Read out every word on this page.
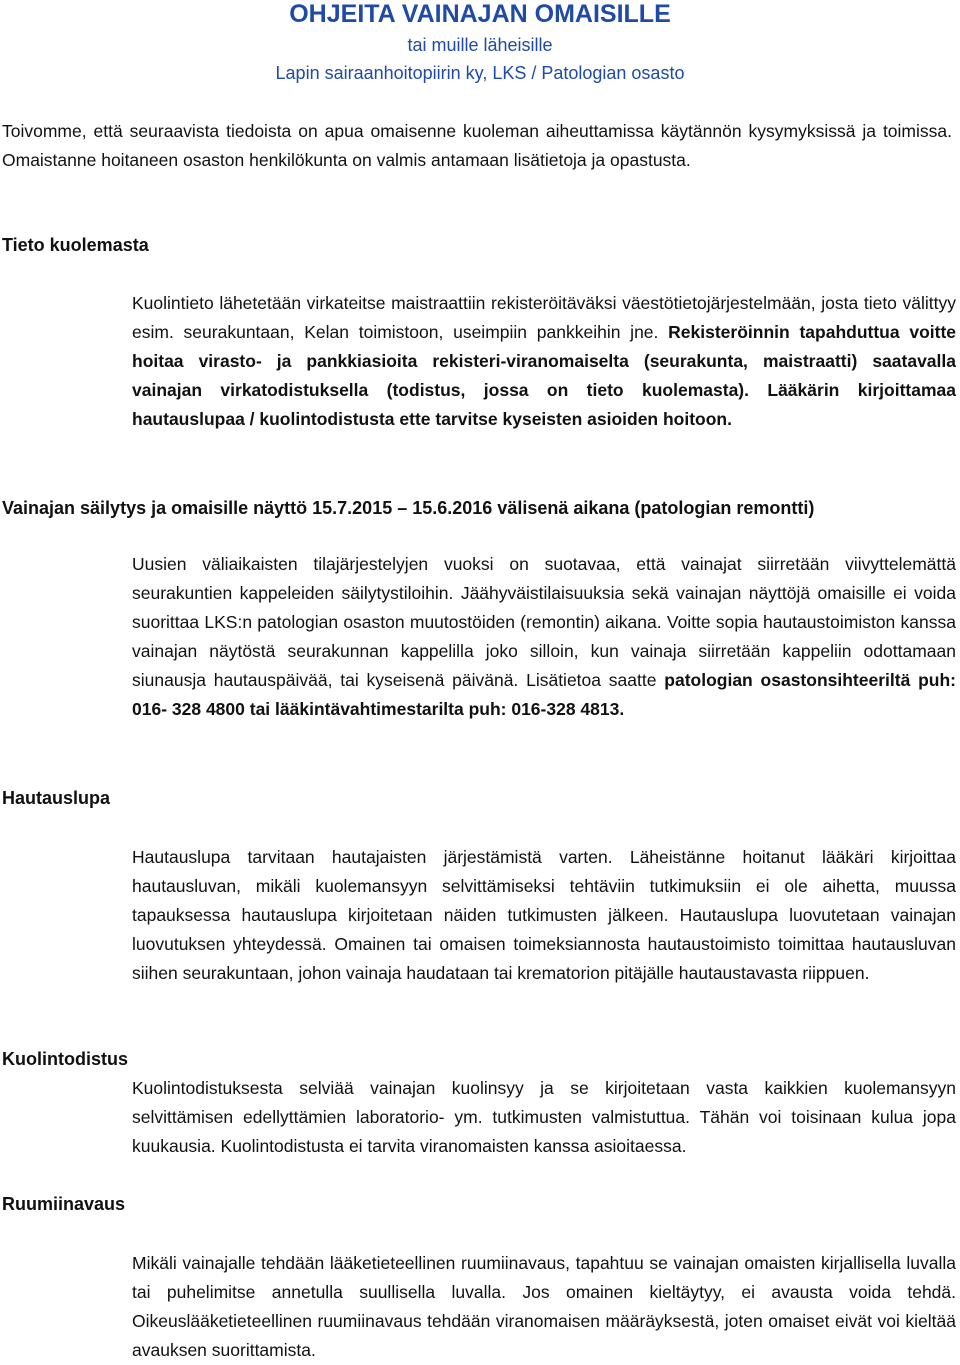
OHJEITA VAINAJAN OMAISILLE
tai muille läheisille
Lapin sairaanhoitopiirin ky, LKS / Patologian osasto

Toivomme, että seuraavista tiedoista on apua omaisenne kuoleman aiheuttamissa käytännön kysymyksissä ja toimissa. Omaistanne hoitaneen osaston henkilökunta on valmis antamaan lisätietoja ja opastusta.

Tieto kuolemasta

Kuolintieto lähetetään virkateitse maistraattiin rekisteröitäväksi väestötietojärjestelmään, josta tieto välittyy esim. seurakuntaan, Kelan toimistoon, useimpiin pankkeihin jne. Rekisteröinnin tapahduttua voitte hoitaa virasto- ja pankkiasioita rekisteri-viranomaiselta (seurakunta, maistraatti) saatavalla vainajan virkatodistuksella (todistus, jossa on tieto kuolemasta). Lääkärin kirjoittamaa hautauslupaa / kuolintodistusta ette tarvitse kyseisten asioiden hoitoon.

Vainajan säilytys ja omaisille näyttö 15.7.2015 – 15.6.2016 välisenä aikana (patologian remontti)

Uusien väliaikaisten tilajärjestelyjen vuoksi on suotavaa, että vainajat siirretään viivyttelemättä seurakuntien kappeleiden säilytystiloihin. Jäähyväistilaisuuksia sekä vainajan näyttöjä omaisille ei voida suorittaa LKS:n patologian osaston muutostöiden (remontin) aikana. Voitte sopia hautaustoimiston kanssa vainajan näytöstä seurakunnan kappelilla joko silloin, kun vainaja siirretään kappeliin odottamaan siunausja hautauspäivää, tai kyseisenä päivänä. Lisätietoa saatte patologian osastonsihteeriltä puh: 016- 328 4800 tai lääkintävahtimestarilta puh: 016-328 4813.

Hautauslupa

Hautauslupa tarvitaan hautajaisten järjestämistä varten. Läheistänne hoitanut lääkäri kirjoittaa hautausluvan, mikäli kuolemansyyn selvittämiseksi tehtäviin tutkimuksiin ei ole aihetta, muussa tapauksessa hautauslupa kirjoitetaan näiden tutkimusten jälkeen. Hautauslupa luovutetaan vainajan luovutuksen yhteydessä. Omainen tai omaisen toimeksiannosta hautaustoimisto toimittaa hautausluvan siihen seurakuntaan, johon vainaja haudataan tai krematorion pitäjälle hautaustavasta riippuen.

Kuolintodistus

Kuolintodistuksesta selviää vainajan kuolinsyy ja se kirjoitetaan vasta kaikkien kuolemansyyn selvittämisen edellyttämien laboratorio- ym. tutkimusten valmistuttua. Tähän voi toisinaan kulua jopa kuukausia. Kuolintodistusta ei tarvita viranomaisten kanssa asioitaessa.

Ruumiinavaus

Mikäli vainajalle tehdään lääketieteellinen ruumiinavaus, tapahtuu se vainajan omaisten kirjallisella luvalla tai puhelimitse annetulla suullisella luvalla. Jos omainen kieltäytyy, ei avausta voida tehdä. Oikeuslääketieteellinen ruumiinavaus tehdään viranomaisen määräyksestä, joten omaiset eivät voi kieltää avauksen suorittamista.
